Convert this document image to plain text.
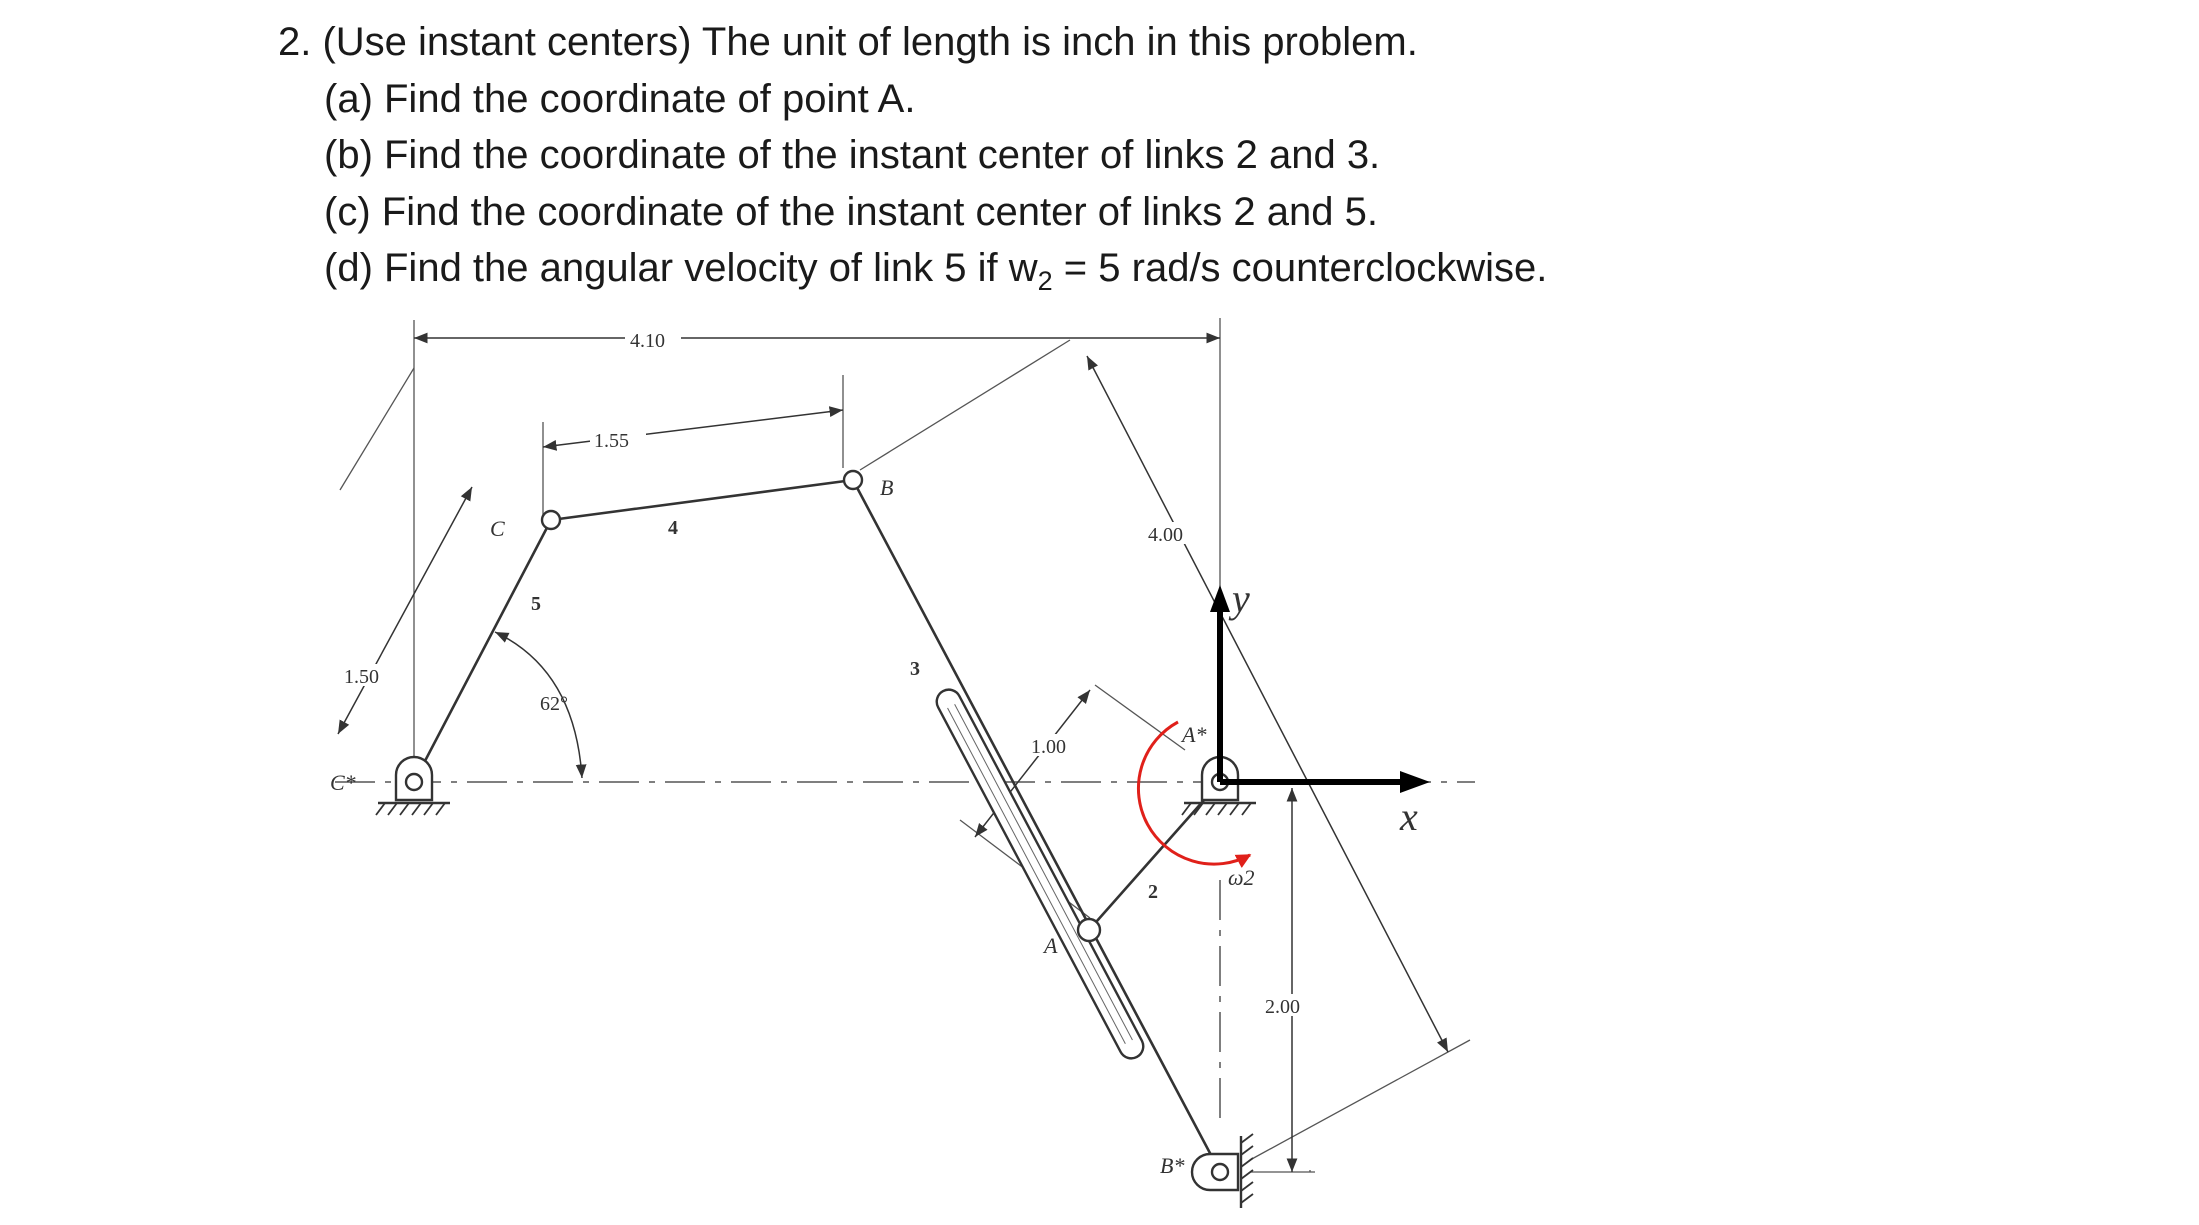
2. (Use instant centers) The unit of length is inch in this problem.
(a) Find the coordinate of point A.
(b) Find the coordinate of the instant center of links 2 and 3.
(c) Find the coordinate of the instant center of links 2 and 5.
(d) Find the angular velocity of link 5 if $w_2 = 5$ rad/s counterclockwise.
4.10
1.55
4.00
1.50
1.00
2.00
62°
C
C*
B
B*
A
A*
ω2
5
4
3
2
y
x
